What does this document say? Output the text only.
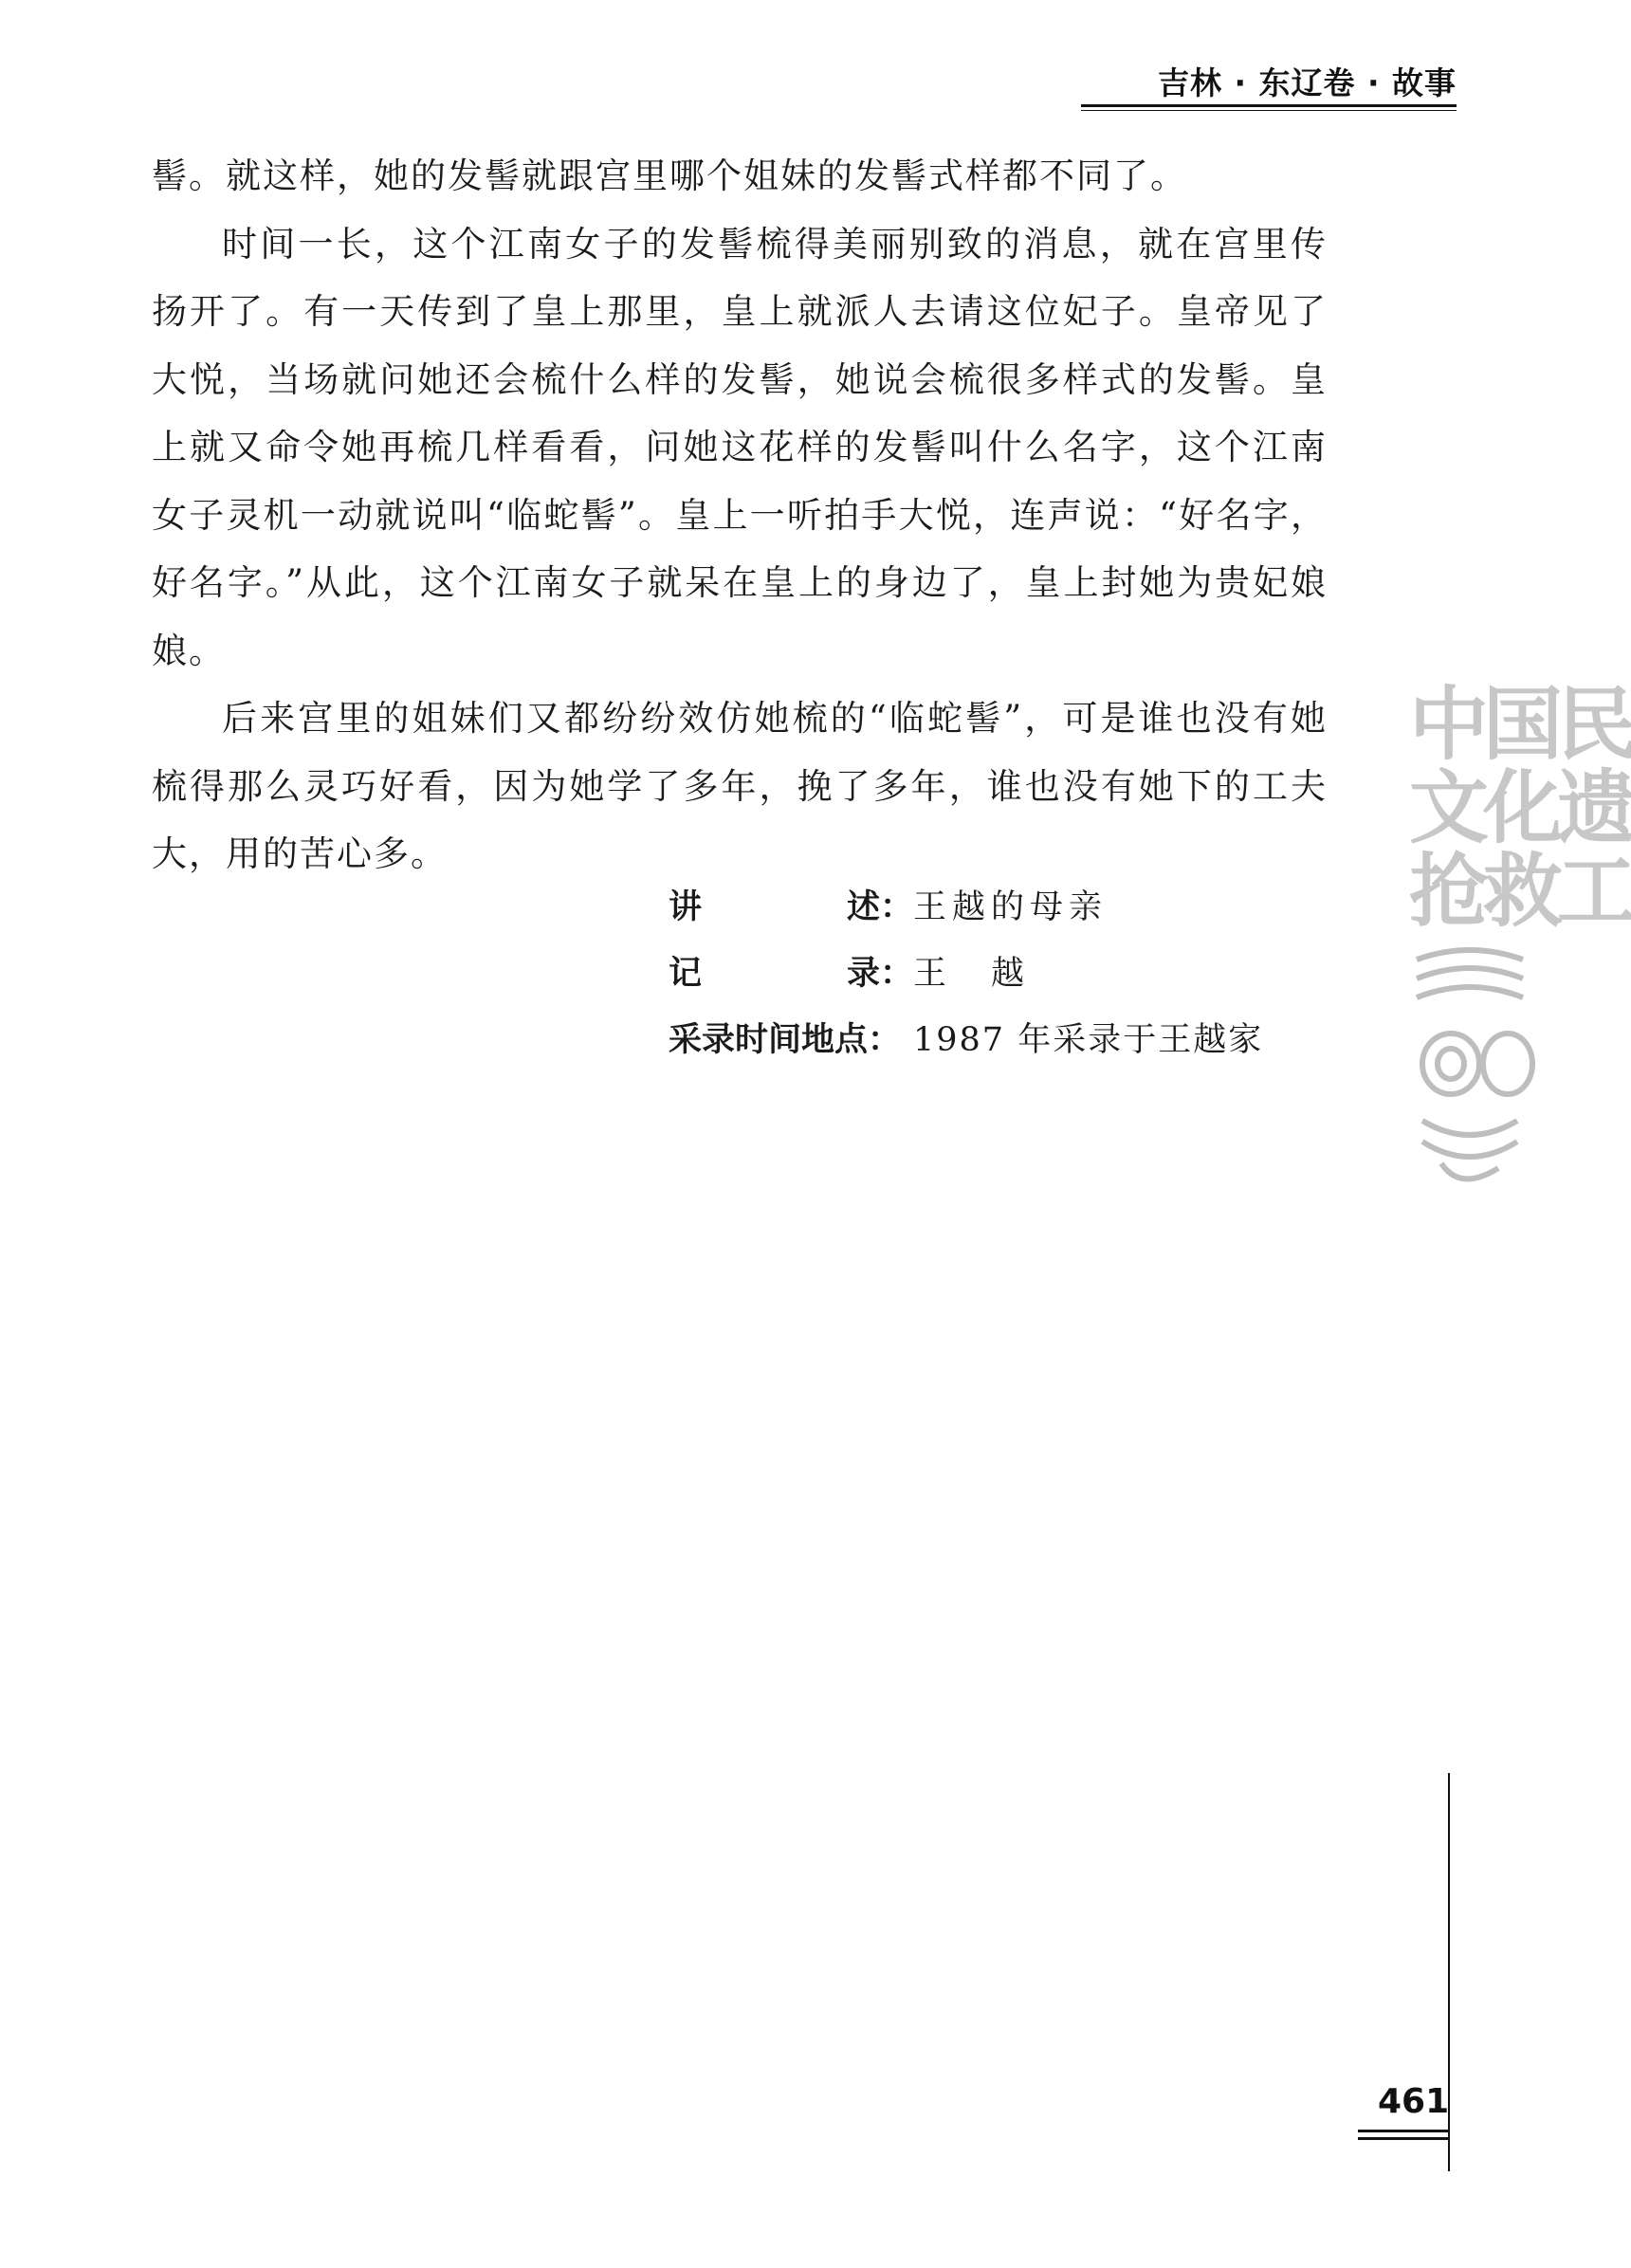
吉林 · 东辽卷 · 故事

髻。就这样，她的发髻就跟宫里哪个姐妹的发髻式样都不同了。

时间一长，这个江南女子的发髻梳得美丽别致的消息，就在宫里传扬开了。有一天传到了皇上那里，皇上就派人去请这位妃子。皇帝见了大悦，当场就问她还会梳什么样的发髻，她说会梳很多样式的发髻。皇上就又命令她再梳几样看看，问她这花样的发髻叫什么名字，这个江南女子灵机一动就说叫“临蛇髻”。皇上一听拍手大悦，连声说：“好名字，好名字。”从此，这个江南女子就呆在皇上的身边了，皇上封她为贵妃娘娘。

后来宫里的姐妹们又都纷纷效仿她梳的“临蛇髻”，可是谁也没有她梳得那么灵巧好看，因为她学了多年，挽了多年，谁也没有她下的工夫大，用的苦心多。

讲	述： 王越的母亲
记	录： 王　越
采录时间地点： 1987 年采录于王越家
中国民
文化遗
抢救工
461
